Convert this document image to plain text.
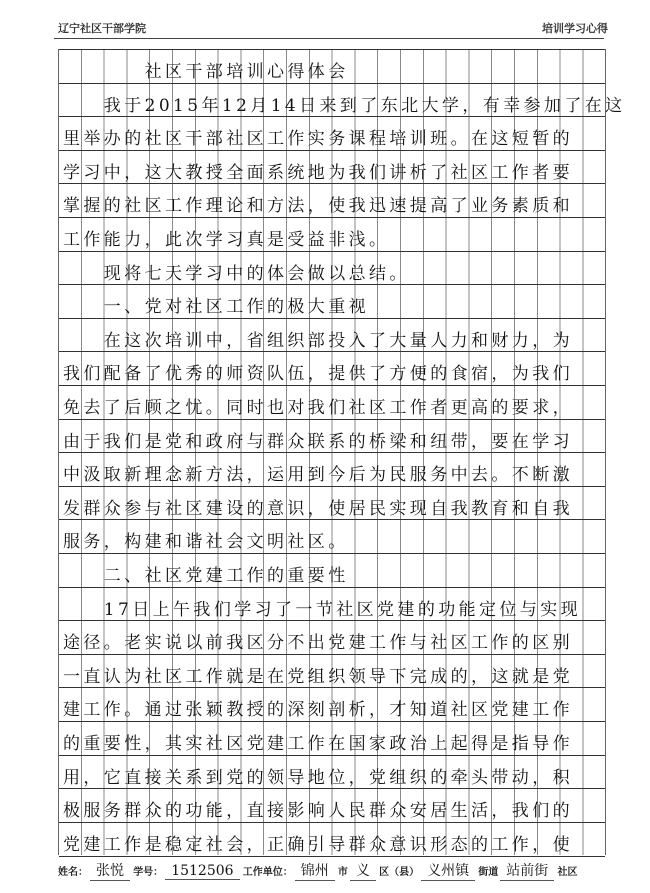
辽宁社区干部学院	培训学习心得
　　　　社区干部培训心得体会
　　我于2015年12月14日来到了东北大学，有幸参加了在这
里举办的社区干部社区工作实务课程培训班。在这短暂的
学习中，这大教授全面系统地为我们讲析了社区工作者要
掌握的社区工作理论和方法，使我迅速提高了业务素质和
工作能力，此次学习真是受益非浅。
　　现将七天学习中的体会做以总结。
　　一、党对社区工作的极大重视
　　在这次培训中，省组织部投入了大量人力和财力，为
我们配备了优秀的师资队伍，提供了方便的食宿，为我们
免去了后顾之忧。同时也对我们社区工作者更高的要求，
由于我们是党和政府与群众联系的桥梁和纽带，要在学习
中汲取新理念新方法，运用到今后为民服务中去。不断激
发群众参与社区建设的意识，使居民实现自我教育和自我
服务，构建和谐社会文明社区。
　　二、社区党建工作的重要性
　　17日上午我们学习了一节社区党建的功能定位与实现
途径。老实说以前我区分不出党建工作与社区工作的区别
一直认为社区工作就是在党组织领导下完成的，这就是党
建工作。通过张颖教授的深刻剖析，才知道社区党建工作
的重要性，其实社区党建工作在国家政治上起得是指导作
用，它直接关系到党的领导地位，党组织的牵头带动，积
极服务群众的功能，直接影响人民群众安居生活，我们的
党建工作是稳定社会，正确引导群众意识形态的工作，使
姓名： 张悦 学号： 1512506 工作单位： 锦州 市 义 区（县） 义州镇 街道 站前街 社区
